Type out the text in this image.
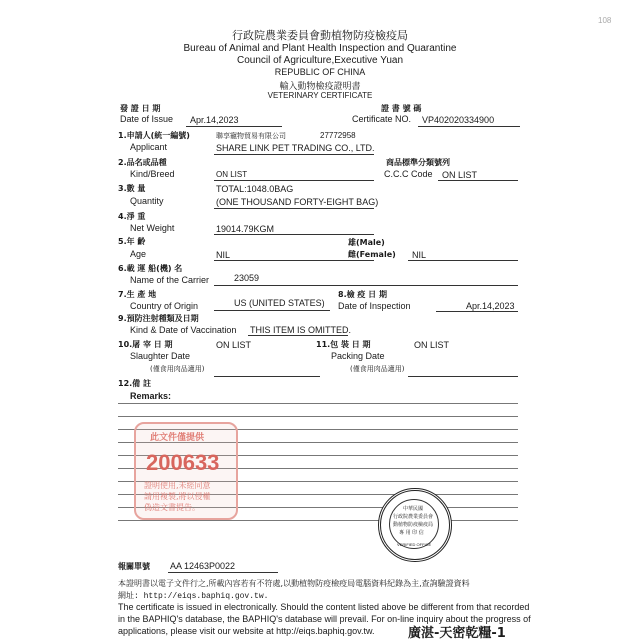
108
行政院農業委員會動植物防疫檢疫局
Bureau of Animal and Plant Health Inspection and Quarantine
Council of Agriculture,Executive Yuan
REPUBLIC OF CHINA
輸入動物檢疫證明書
VETERINARY CERTIFICATE
發 證 日 期
Date of Issue Apr.14,2023
證 書 號 碼
Certificate NO. VP402020334900
1.申請人(統一編號)
Applicant
聯享寵物貿易有限公司	27772958
SHARE LINK PET TRADING CO., LTD.
2.品名或品種
Kind/Breed	ON LIST
商品標準分類號列
C.C.C Code ON LIST
3.數 量
Quantity
TOTAL:1048.0BAG
(ONE THOUSAND FORTY-EIGHT BAG)
4.淨 重
Net Weight	19014.79KGM
5.年 齡
Age	NIL
雄(Male)
雌(Female) NIL
6.載 運 船(機) 名
Name of the Carrier	23059
7.生 產 地
Country of Origin	US (UNITED STATES)
8.檢 疫 日 期
Date of Inspection	Apr.14,2023
9.預防注射種類及日期
Kind & Date of Vaccination THIS ITEM IS OMITTED.
10.屠 宰 日 期
Slaughter Date
ON LIST
(僅食用肉品適用)
11.包 裝 日 期
Packing Date
ON LIST
(僅食用肉品適用)
12.備 註
Remarks:
此文件僅提供
200633
證明使用,未經同意
請用複製,將以侵權
偽造文書提告。	中華民國
行政院農業委員會
動植物防疫檢疫局
專 用 印 信
VERIFIED OFFICE
報關單號 AA 12463P0022
本證明書以電子文件行之,所載內容若有不符處,以動植物防疫檢疫局電腦資料紀錄為主,查詢驗證資料
網址: http://eiqs.baphiq.gov.tw.
The certificate is issued in electronically. Should the content listed above be different from that recorded
in the BAPHIQ's database, the BAPHIQ's database will prevail. For on-line inquiry about the progress of
applications, please visit our website at http://eiqs.baphiq.gov.tw.	廣湛-天密乾糧-1
